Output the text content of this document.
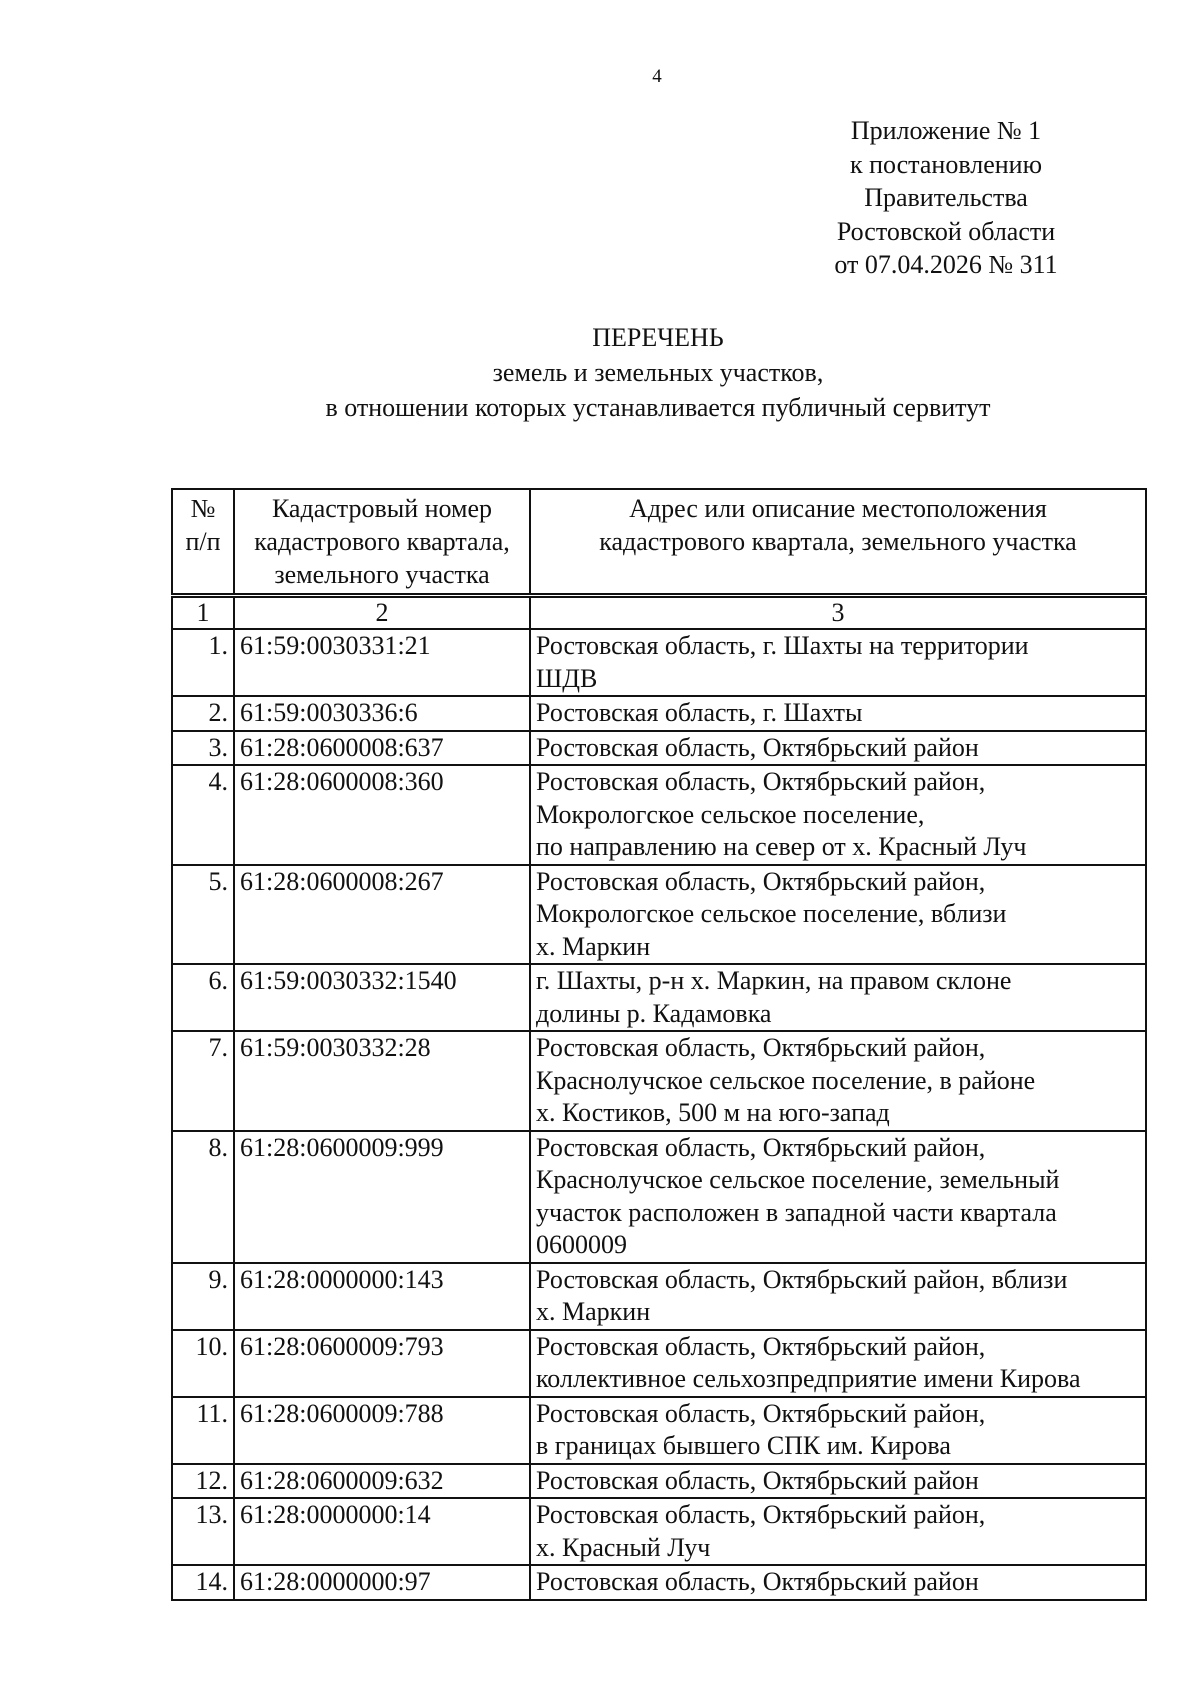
4
Приложение № 1
к постановлению
Правительства
Ростовской области
от 07.04.2026 № 311
ПЕРЕЧЕНЬ
земель и земельных участков,
в отношении которых устанавливается публичный сервитут
№
п/п	Кадастровый номер
кадастрового квартала,
земельного участка	Адрес или описание местоположения
кадастрового квартала, земельного участка

1	2	3
1.	61:59:0030331:21	Ростовская область, г. Шахты на территории
ШДВ

2.	61:59:0030336:6	Ростовская область, г. Шахты

3.	61:28:0600008:637	Ростовская область, Октябрьский район

4.	61:28:0600008:360	Ростовская область, Октябрьский район,
Мокрологское сельское поселение,
по направлению на север от х. Красный Луч

5.	61:28:0600008:267	Ростовская область, Октябрьский район,
Мокрологское сельское поселение, вблизи
х. Маркин

6.	61:59:0030332:1540	г. Шахты, р-н х. Маркин, на правом склоне
долины р. Кадамовка

7.	61:59:0030332:28	Ростовская область, Октябрьский район,
Краснолучское сельское поселение, в районе
х. Костиков, 500 м на юго-запад

8.	61:28:0600009:999	Ростовская область, Октябрьский район,
Краснолучское сельское поселение, земельный
участок расположен в западной части квартала
0600009

9.	61:28:0000000:143	Ростовская область, Октябрьский район, вблизи
х. Маркин

10.	61:28:0600009:793	Ростовская область, Октябрьский район,
коллективное сельхозпредприятие имени Кирова

11.	61:28:0600009:788	Ростовская область, Октябрьский район,
в границах бывшего СПК им. Кирова

12.	61:28:0600009:632	Ростовская область, Октябрьский район

13.	61:28:0000000:14	Ростовская область, Октябрьский район,
х. Красный Луч

14.	61:28:0000000:97	Ростовская область, Октябрьский район
